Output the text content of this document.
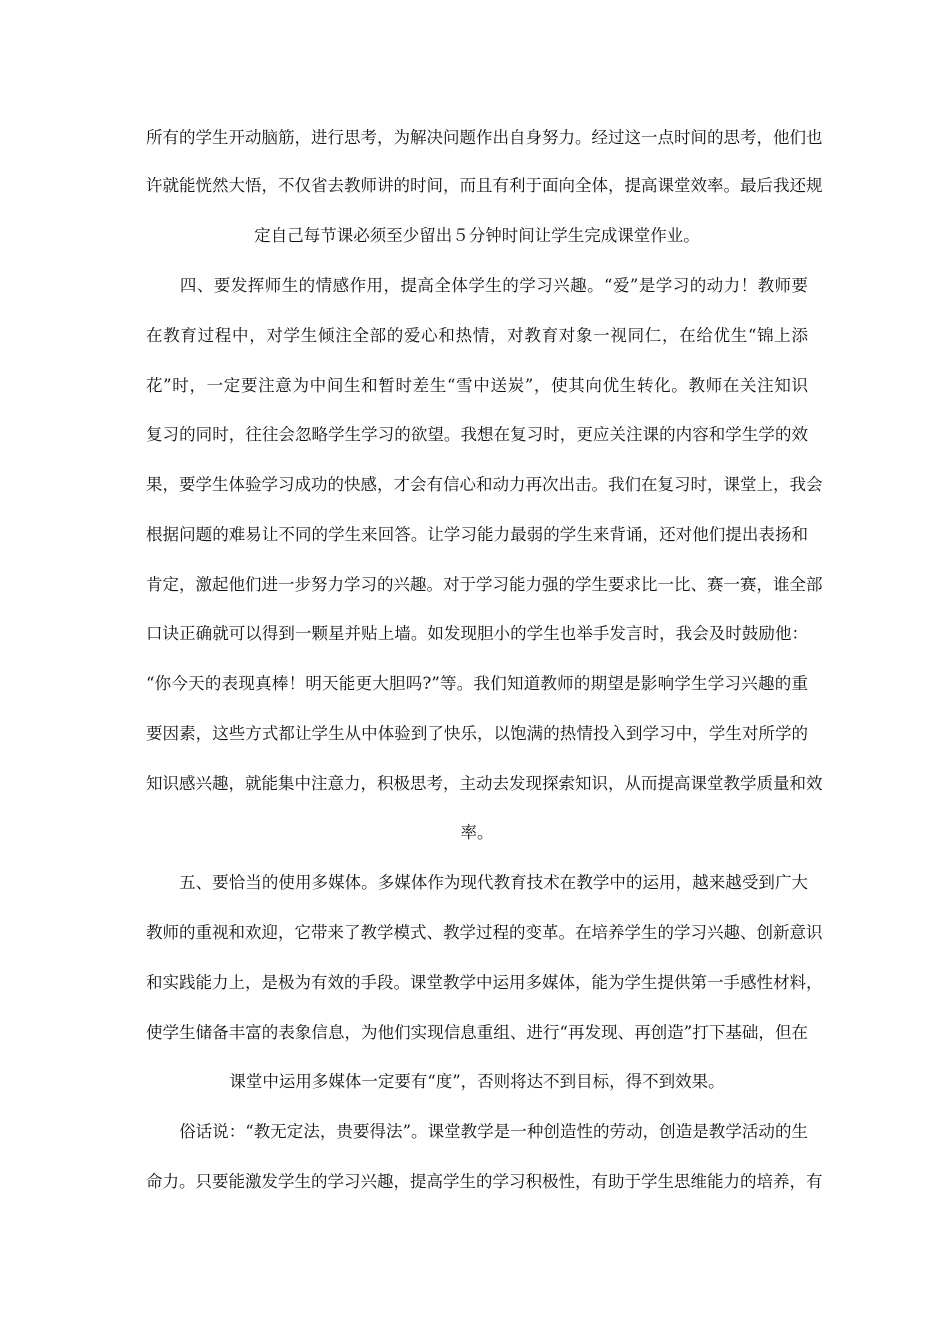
所有的学生开动脑筋，进行思考，为解决问题作出自身努力。经过这一点时间的思考，他们也
许就能恍然大悟，不仅省去教师讲的时间，而且有利于面向全体，提高课堂效率。最后我还规
定自己每节课必须至少留出５分钟时间让学生完成课堂作业。
　　四、要发挥师生的情感作用，提高全体学生的学习兴趣。“爱”是学习的动力！教师要
在教育过程中，对学生倾注全部的爱心和热情，对教育对象一视同仁，在给优生“锦上添
花”时，一定要注意为中间生和暂时差生“雪中送炭”，使其向优生转化。教师在关注知识
复习的同时，往往会忽略学生学习的欲望。我想在复习时，更应关注课的内容和学生学的效
果，要学生体验学习成功的快感，才会有信心和动力再次出击。我们在复习时，课堂上，我会
根据问题的难易让不同的学生来回答。让学习能力最弱的学生来背诵，还对他们提出表扬和
肯定，激起他们进一步努力学习的兴趣。对于学习能力强的学生要求比一比、赛一赛，谁全部
口诀正确就可以得到一颗星并贴上墙。如发现胆小的学生也举手发言时，我会及时鼓励他：
“你今天的表现真棒！明天能更大胆吗?”等。我们知道教师的期望是影响学生学习兴趣的重
要因素，这些方式都让学生从中体验到了快乐，以饱满的热情投入到学习中，学生对所学的
知识感兴趣，就能集中注意力，积极思考，主动去发现探索知识，从而提高课堂教学质量和效
率。
　　五、要恰当的使用多媒体。多媒体作为现代教育技术在教学中的运用，越来越受到广大
教师的重视和欢迎，它带来了教学模式、教学过程的变革。在培养学生的学习兴趣、创新意识
和实践能力上，是极为有效的手段。课堂教学中运用多媒体，能为学生提供第一手感性材料，
使学生储备丰富的表象信息，为他们实现信息重组、进行“再发现、再创造”打下基础，但在
课堂中运用多媒体一定要有“度”，否则将达不到目标，得不到效果。
　　俗话说：“教无定法，贵要得法”。课堂教学是一种创造性的劳动，创造是教学活动的生
命力。只要能激发学生的学习兴趣，提高学生的学习积极性，有助于学生思维能力的培养，有
